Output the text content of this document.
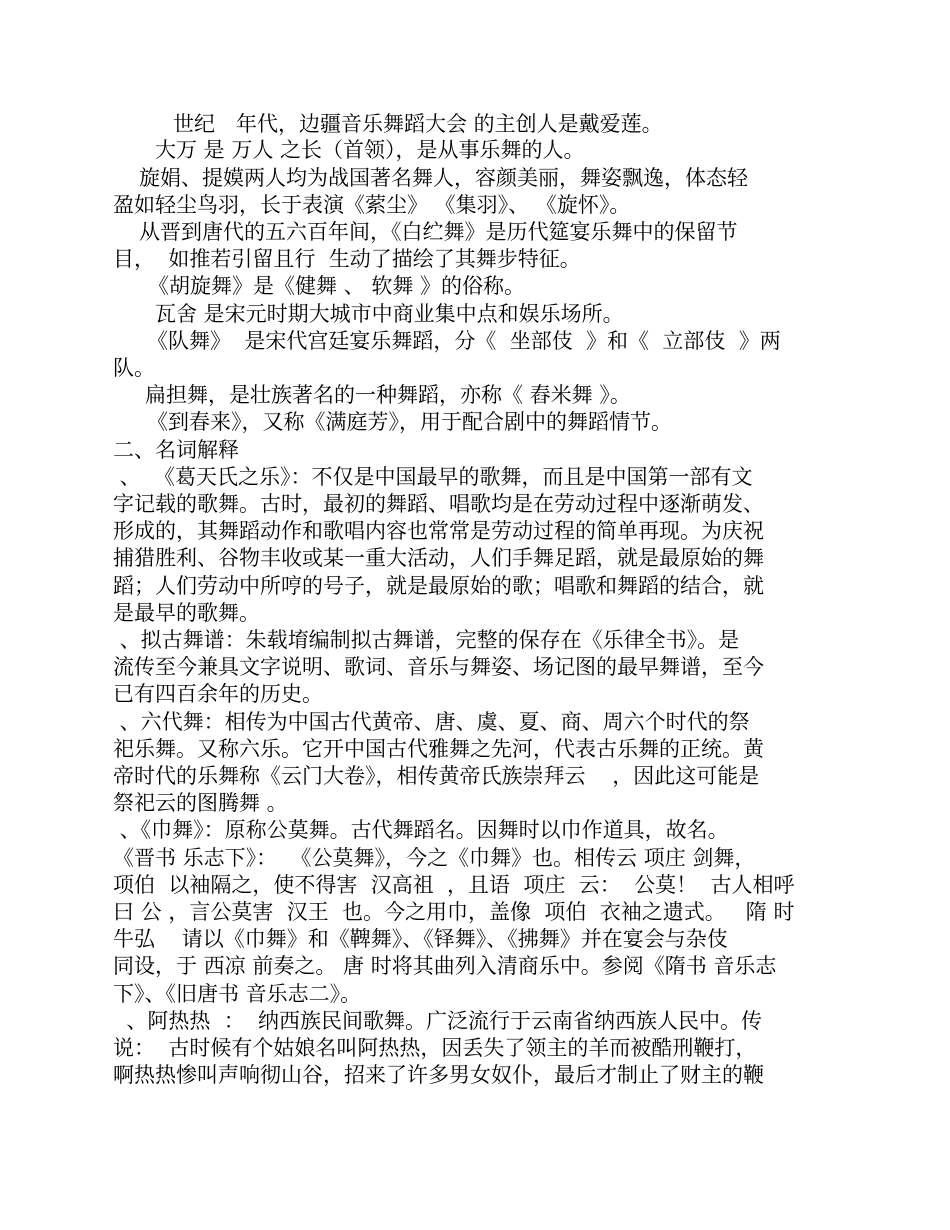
世纪　年代，边疆音乐舞蹈大会 的主创人是戴爱莲。
大万 是 万人 之长（首领），是从事乐舞的人。
旋娟、提嫫两人均为战国著名舞人，容颜美丽，舞姿飘逸，体态轻
盈如轻尘鸟羽，长于表演《萦尘》 《集羽》、 《旋怀》。
从晋到唐代的五六百年间，《白纻舞》是历代筵宴乐舞中的保留节
目，  如推若引留且行  生动了描绘了其舞步特征。
《胡旋舞》是《健舞 、 软舞 》的俗称。
瓦舍 是宋元时期大城市中商业集中点和娱乐场所。
《队舞》  是宋代宫廷宴乐舞蹈，分《  坐部伎  》和《  立部伎  》两
队。
扁担舞，是壮族著名的一种舞蹈，亦称《 舂米舞 》。
《到春来》，又称《满庭芳》，用于配合剧中的舞蹈情节。
二、名词解释
、  《葛天氏之乐》：不仅是中国最早的歌舞，而且是中国第一部有文
字记载的歌舞。古时，最初的舞蹈、唱歌均是在劳动过程中逐渐萌发、
形成的，其舞蹈动作和歌唱内容也常常是劳动过程的简单再现。为庆祝
捕猎胜利、谷物丰收或某一重大活动，人们手舞足蹈，就是最原始的舞
蹈；人们劳动中所哼的号子，就是最原始的歌；唱歌和舞蹈的结合，就
是最早的歌舞。
、拟古舞谱：朱载堉编制拟古舞谱，完整的保存在《乐律全书》。是
流传至今兼具文字说明、歌词、音乐与舞姿、场记图的最早舞谱，至今
已有四百余年的历史。
、六代舞：相传为中国古代黄帝、唐、虞、夏、商、周六个时代的祭
祀乐舞。又称六乐。它开中国古代雅舞之先河，代表古乐舞的正统。黄
帝时代的乐舞称《云门大卷》，相传黄帝氏族崇拜云    ，因此这可能是
祭祀云的图腾舞 。
、《巾舞》：原称公莫舞。古代舞蹈名。因舞时以巾作道具，故名。
《晋书 乐志下》：  《公莫舞》，今之《巾舞》也。相传云 项庄 剑舞，
项伯  以袖隔之，使不得害  汉高祖  ，且语  项庄  云：  公莫！  古人相呼
曰 公 ，言公莫害  汉王  也。今之用巾，盖像  项伯  衣袖之遗式。   隋 时
牛弘    请以《巾舞》和《鞞舞》、《铎舞》、《拂舞》并在宴会与杂伎
同设，于 西凉 前奏之。 唐 时将其曲列入清商乐中。参阅《隋书 音乐志
下》、《旧唐书 音乐志二》。
、阿热热  ：  纳西族民间歌舞。广泛流行于云南省纳西族人民中。传
说：  古时候有个姑娘名叫阿热热，因丢失了领主的羊而被酷刑鞭打，
啊热热惨叫声响彻山谷，招来了许多男女奴仆，最后才制止了财主的鞭
